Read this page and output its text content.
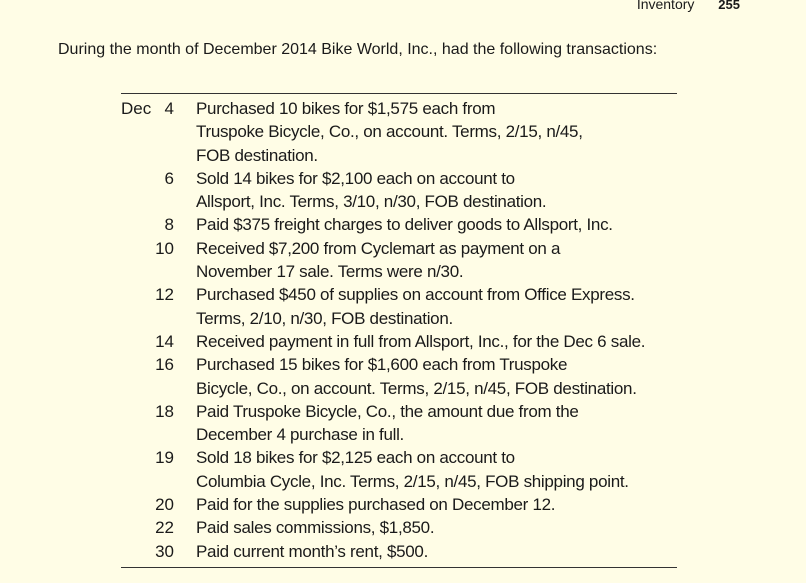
Inventory 255
During the month of December 2014 Bike World, Inc., had the following transactions:
Dec 4 Purchased 10 bikes for $1,575 each from
Truspoke Bicycle, Co., on account. Terms, 2/15, n/45,
FOB destination.
6 Sold 14 bikes for $2,100 each on account to
Allsport, Inc. Terms, 3/10, n/30, FOB destination.
8 Paid $375 freight charges to deliver goods to Allsport, Inc.
10 Received $7,200 from Cyclemart as payment on a
November 17 sale. Terms were n/30.
12 Purchased $450 of supplies on account from Office Express.
Terms, 2/10, n/30, FOB destination.
14 Received payment in full from Allsport, Inc., for the Dec 6 sale.
16 Purchased 15 bikes for $1,600 each from Truspoke
Bicycle, Co., on account. Terms, 2/15, n/45, FOB destination.
18 Paid Truspoke Bicycle, Co., the amount due from the
December 4 purchase in full.
19 Sold 18 bikes for $2,125 each on account to
Columbia Cycle, Inc. Terms, 2/15, n/45, FOB shipping point.
20 Paid for the supplies purchased on December 12.
22 Paid sales commissions, $1,850.
30 Paid current month’s rent, $500.
